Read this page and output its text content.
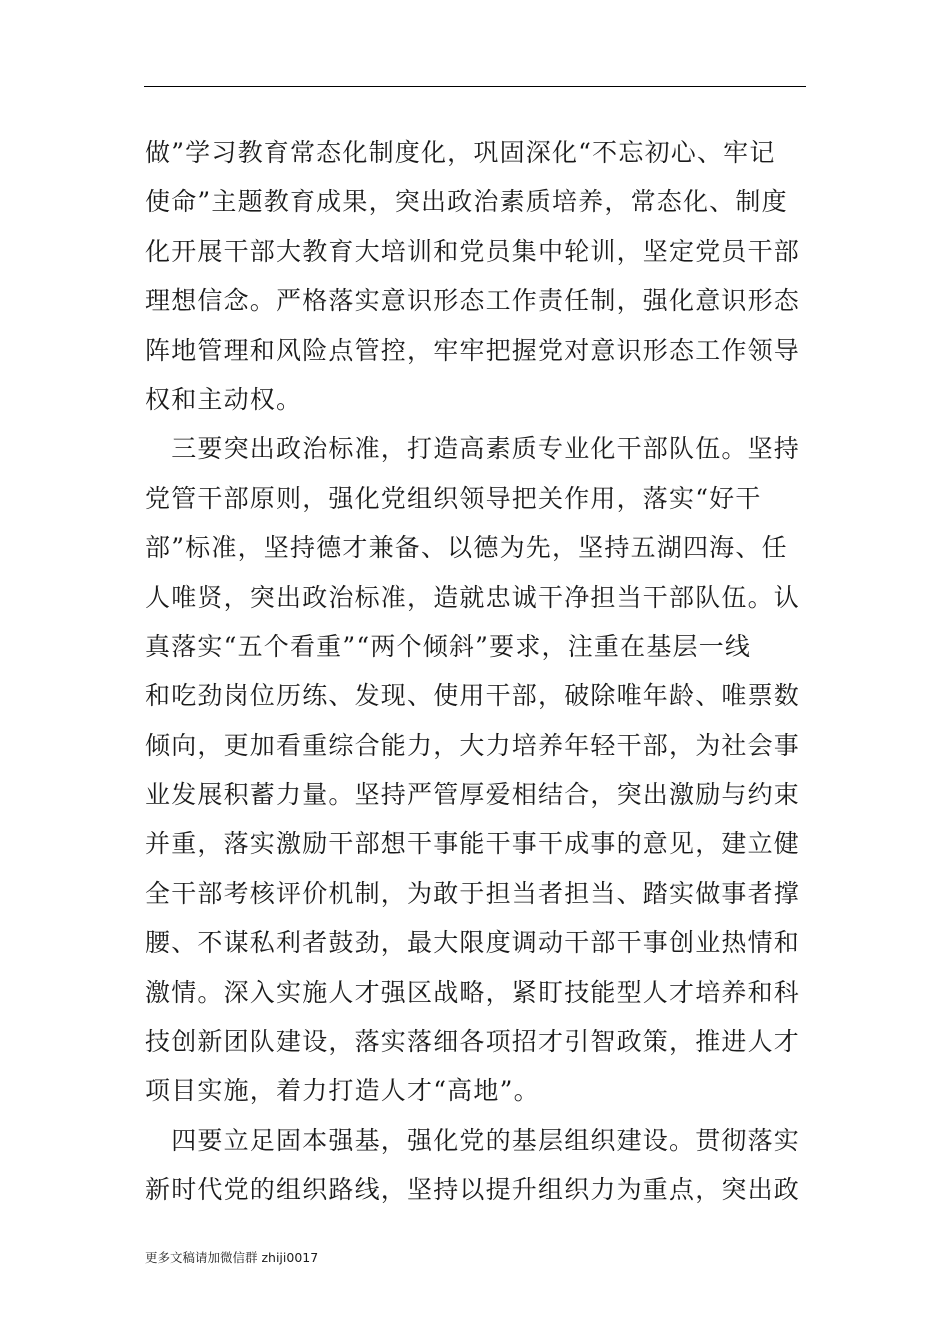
做”学习教育常态化制度化，巩固深化“不忘初心、牢记
使命”主题教育成果，突出政治素质培养，常态化、制度
化开展干部大教育大培训和党员集中轮训，坚定党员干部
理想信念。严格落实意识形态工作责任制，强化意识形态
阵地管理和风险点管控，牢牢把握党对意识形态工作领导
权和主动权。
　三要突出政治标准，打造高素质专业化干部队伍。坚持
党管干部原则，强化党组织领导把关作用，落实“好干
部”标准，坚持德才兼备、以德为先，坚持五湖四海、任
人唯贤，突出政治标准，造就忠诚干净担当干部队伍。认
真落实“五个看重”“两个倾斜”要求，注重在基层一线
和吃劲岗位历练、发现、使用干部，破除唯年龄、唯票数
倾向，更加看重综合能力，大力培养年轻干部，为社会事
业发展积蓄力量。坚持严管厚爱相结合，突出激励与约束
并重，落实激励干部想干事能干事干成事的意见，建立健
全干部考核评价机制，为敢于担当者担当、踏实做事者撑
腰、不谋私利者鼓劲，最大限度调动干部干事创业热情和
激情。深入实施人才强区战略，紧盯技能型人才培养和科
技创新团队建设，落实落细各项招才引智政策，推进人才
项目实施，着力打造人才“高地”。
　四要立足固本强基，强化党的基层组织建设。贯彻落实
新时代党的组织路线，坚持以提升组织力为重点，突出政
更多文稿请加微信群 zhiji0017
